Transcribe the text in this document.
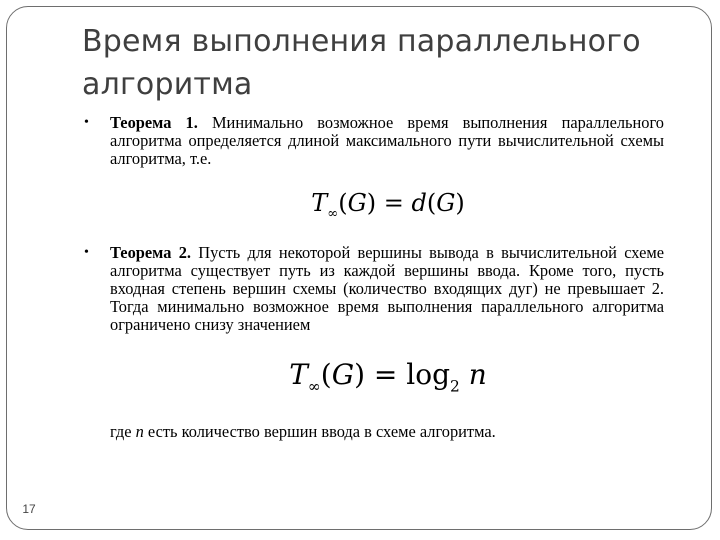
Время выполнения параллельного алгоритма
• Теорема 1. Минимально возможное время выполнения параллельного алгоритма определяется длиной максимального пути вычислительной схемы алгоритма, т.е.
$T_\infty(G) = d(G)$
• Теорема 2. Пусть для некоторой вершины вывода в вычислительной схеме алгоритма существует путь из каждой вершины ввода. Кроме того, пусть входная степень вершин схемы (количество входящих дуг) не превышает 2. Тогда минимально возможное время выполнения параллельного алгоритма ограничено снизу значением
$T_\infty(G) = \log_2 n$
где n есть количество вершин ввода в схеме алгоритма.
17
